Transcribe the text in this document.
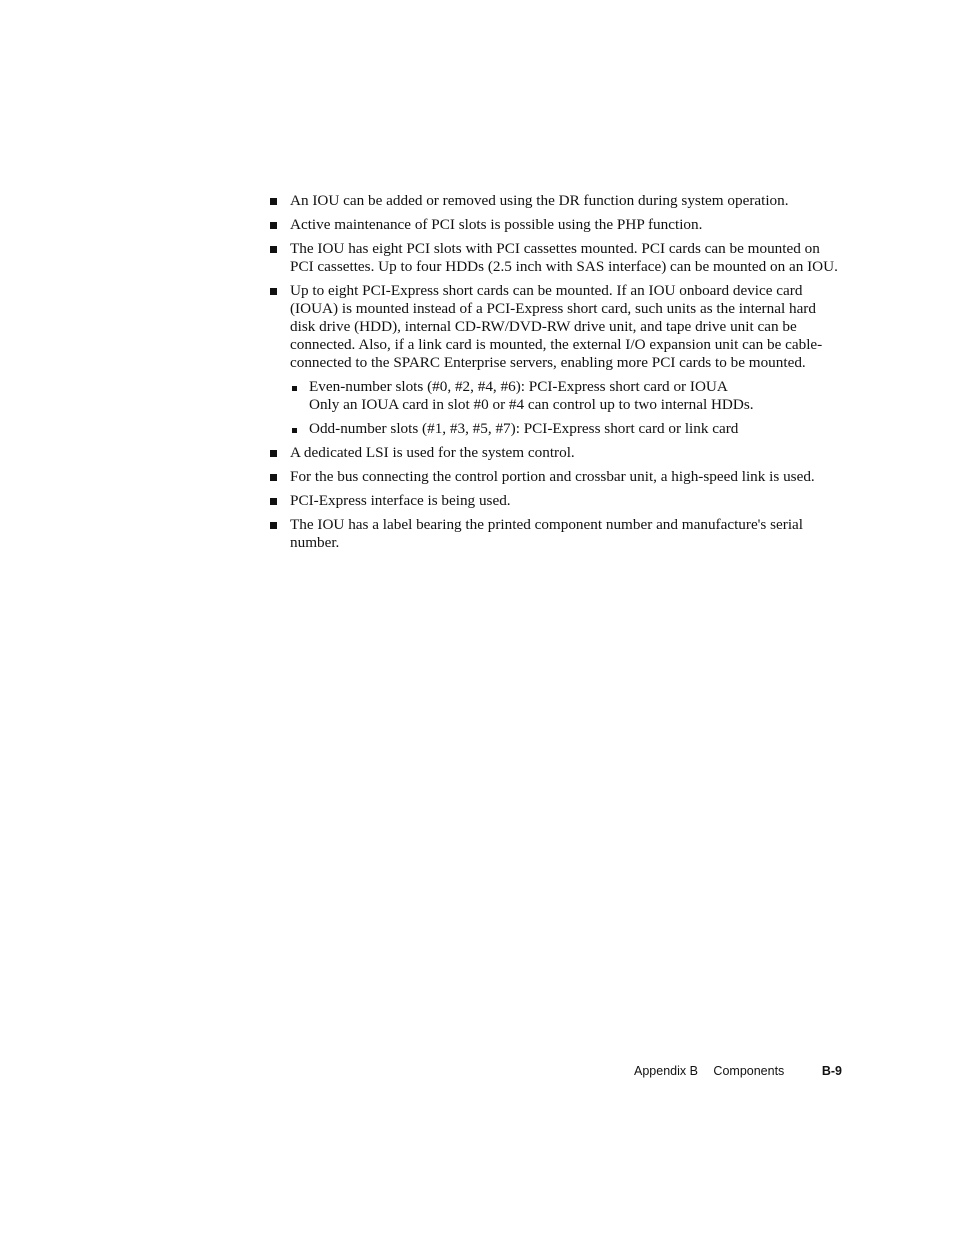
An IOU can be added or removed using the DR function during system operation.
Active maintenance of PCI slots is possible using the PHP function.
The IOU has eight PCI slots with PCI cassettes mounted. PCI cards can be mounted on PCI cassettes. Up to four HDDs (2.5 inch with SAS interface) can be mounted on an IOU.
Up to eight PCI-Express short cards can be mounted. If an IOU onboard device card (IOUA) is mounted instead of a PCI-Express short card, such units as the internal hard disk drive (HDD), internal CD-RW/DVD-RW drive unit, and tape drive unit can be connected. Also, if a link card is mounted, the external I/O expansion unit can be cable-connected to the SPARC Enterprise servers, enabling more PCI cards to be mounted.
Even-number slots (#0, #2, #4, #6): PCI-Express short card or IOUA
Only an IOUA card in slot #0 or #4 can control up to two internal HDDs.
Odd-number slots (#1, #3, #5, #7): PCI-Express short card or link card
A dedicated LSI is used for the system control.
For the bus connecting the control portion and crossbar unit, a high-speed link is used.
PCI-Express interface is being used.
The IOU has a label bearing the printed component number and manufacture's serial number.
Appendix B Components	B-9
